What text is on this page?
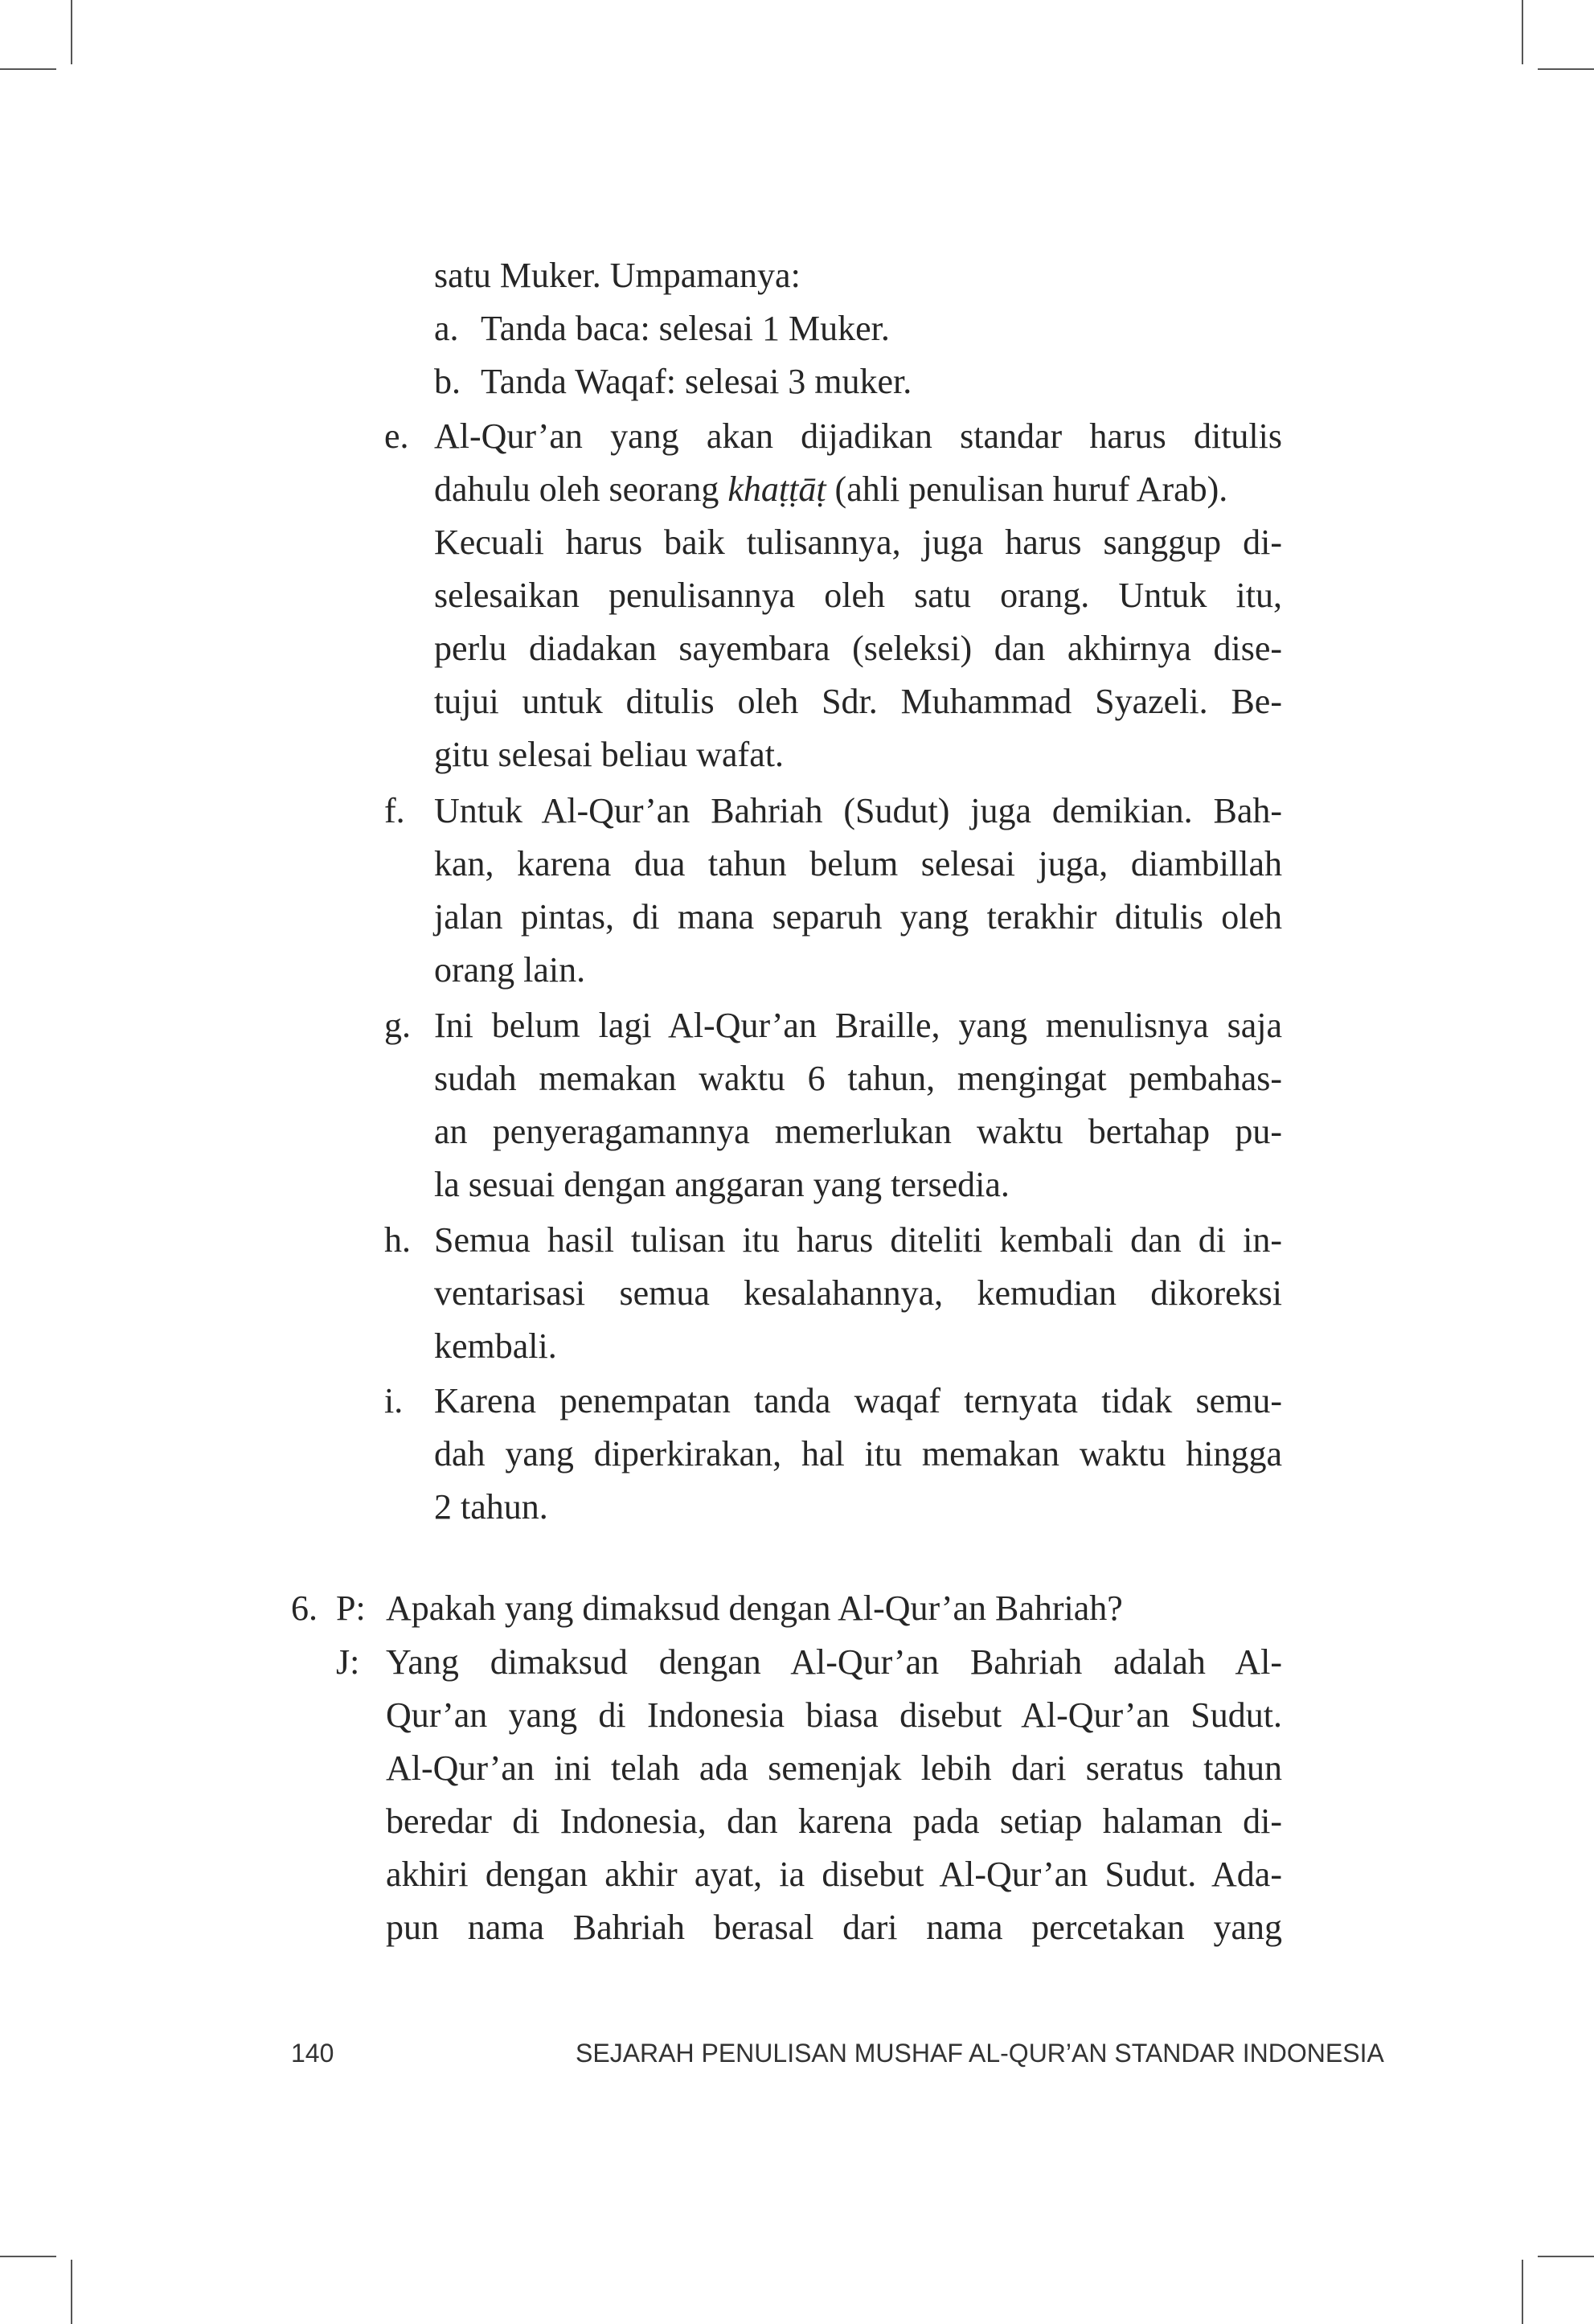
satu Muker. Umpamanya:
a. Tanda baca: selesai 1 Muker.
b. Tanda Waqaf: selesai 3 muker.
e. Al-Qur’an yang akan dijadikan standar harus ditulis
dahulu oleh seorang khaṭṭāṭ (ahli penulisan huruf Arab).
Kecuali harus baik tulisannya, juga harus sanggup di-
selesaikan penulisannya oleh satu orang. Untuk itu,
perlu diadakan sayembara (seleksi) dan akhirnya dise-
tujui untuk ditulis oleh Sdr. Muhammad Syazeli. Be-
gitu selesai beliau wafat.
f. Untuk Al-Qur’an Bahriah (Sudut) juga demikian. Bah-
kan, karena dua tahun belum selesai juga, diambillah
jalan pintas, di mana separuh yang terakhir ditulis oleh
orang lain.
g. Ini belum lagi Al-Qur’an Braille, yang menulisnya saja
sudah memakan waktu 6 tahun, mengingat pembahas-
an penyeragamannya memerlukan waktu bertahap pu-
la sesuai dengan anggaran yang tersedia.
h. Semua hasil tulisan itu harus diteliti kembali dan di in-
ventarisasi semua kesalahannya, kemudian dikoreksi
kembali.
i. Karena penempatan tanda waqaf ternyata tidak semu-
dah yang diperkirakan, hal itu memakan waktu hingga
2 tahun.
6. P: Apakah yang dimaksud dengan Al-Qur’an Bahriah?
J: Yang dimaksud dengan Al-Qur’an Bahriah adalah Al-
Qur’an yang di Indonesia biasa disebut Al-Qur’an Sudut.
Al-Qur’an ini telah ada semenjak lebih dari seratus tahun
beredar di Indonesia, dan karena pada setiap halaman di-
akhiri dengan akhir ayat, ia disebut Al-Qur’an Sudut. Ada-
pun nama Bahriah berasal dari nama percetakan yang
140	SEJARAH PENULISAN MUSHAF AL-QUR’AN STANDAR INDONESIA
